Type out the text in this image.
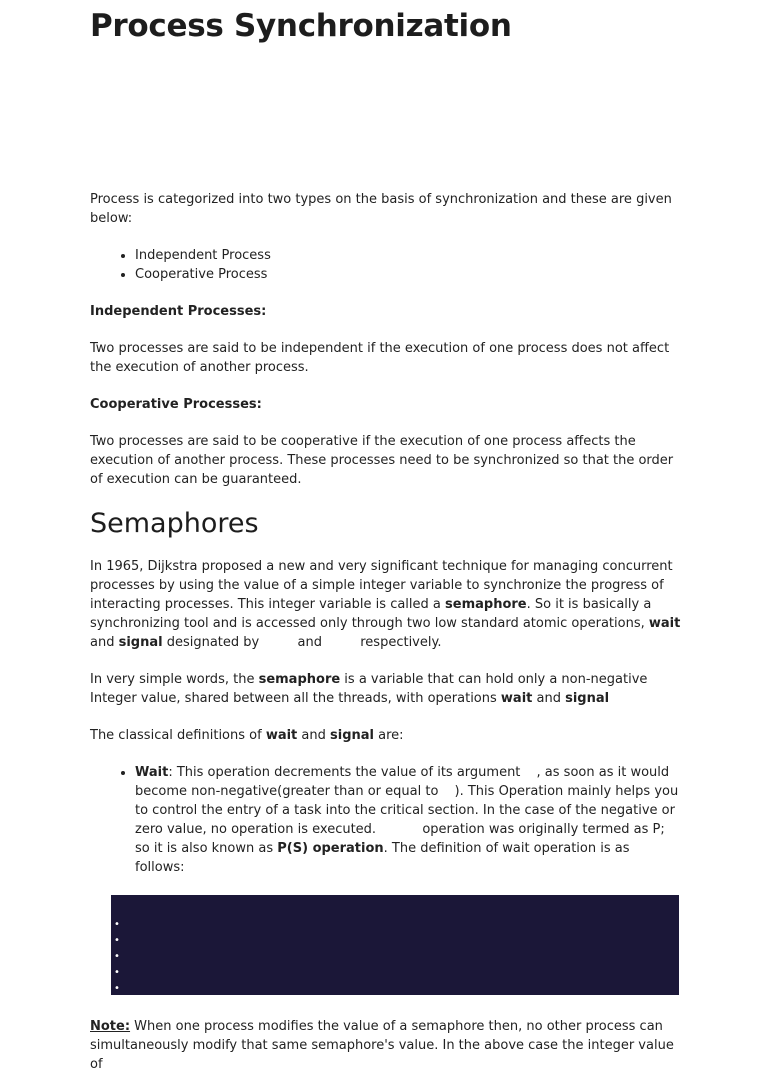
Process Synchronization

Process is categorized into two types on the basis of synchronization and these are given below:

• Independent Process
• Cooperative Process

Independent Processes:

Two processes are said to be independent if the execution of one process does not affect the execution of another process.

Cooperative Processes:

Two processes are said to be cooperative if the execution of one process affects the execution of another process. These processes need to be synchronized so that the order of execution can be guaranteed.

Semaphores

In 1965, Dijkstra proposed a new and very significant technique for managing concurrent processes by using the value of a simple integer variable to synchronize the progress of interacting processes. This integer variable is called a semaphore. So it is basically a synchronizing tool and is accessed only through two low standard atomic operations, wait and signal designated by  and  respectively.

In very simple words, the semaphore is a variable that can hold only a non-negative Integer value, shared between all the threads, with operations wait and signal

The classical definitions of wait and signal are:

• Wait: This operation decrements the value of its argument , as soon as it would become non-negative(greater than or equal to ). This Operation mainly helps you to control the entry of a task into the critical section. In the case of the negative or zero value, no operation is executed.	operation was originally termed as P; so it is also known as P(S) operation. The definition of wait operation is as follows:
•
•
•
•
•

Note: When one process modifies the value of a semaphore then, no other process can simultaneously modify that same semaphore's value. In the above case the integer value of
